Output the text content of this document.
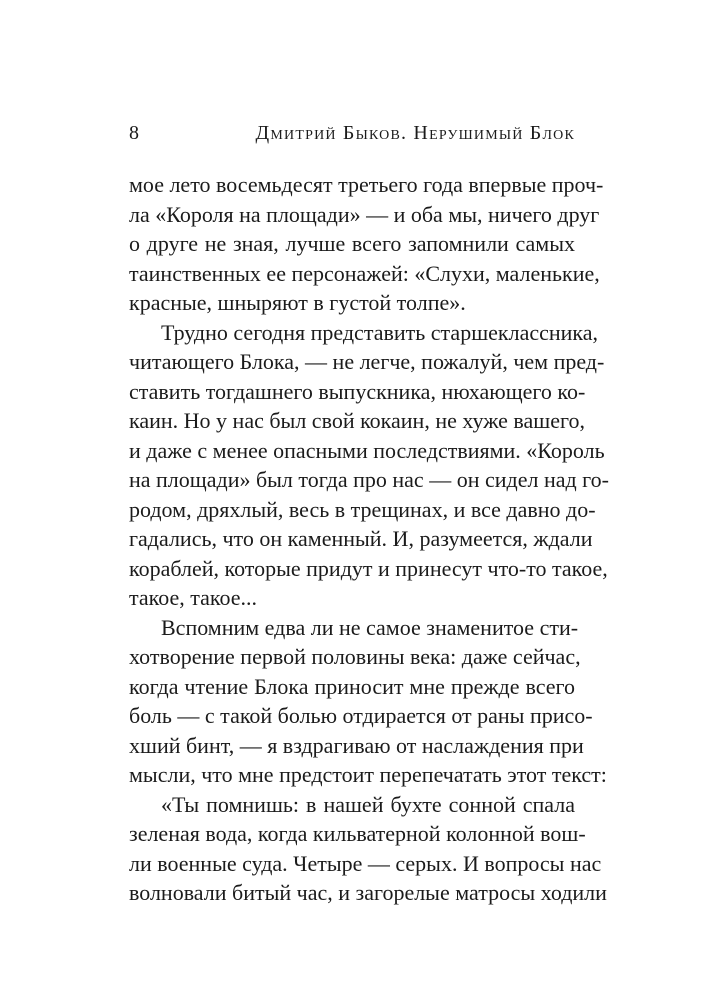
8	Дмитрий Быков. Нерушимый Блок
мое лето восемьдесят третьего года впервые проч-
ла «Короля на площади» — и оба мы, ничего друг
о друге не зная, лучше всего запомнили самых
таинственных ее персонажей: «Слухи, маленькие,
красные, шныряют в густой толпе».
Трудно сегодня представить старшеклассника,
читающего Блока, — не легче, пожалуй, чем пред-
ставить тогдашнего выпускника, нюхающего ко-
каин. Но у нас был свой кокаин, не хуже вашего,
и даже с менее опасными последствиями. «Король
на площади» был тогда про нас — он сидел над го-
родом, дряхлый, весь в трещинах, и все давно до-
гадались, что он каменный. И, разумеется, ждали
кораблей, которые придут и принесут что-то такое,
такое, такое...
Вспомним едва ли не самое знаменитое сти-
хотворение первой половины века: даже сейчас,
когда чтение Блока приносит мне прежде всего
боль — с такой болью отдирается от раны присо-
хший бинт, — я вздрагиваю от наслаждения при
мысли, что мне предстоит перепечатать этот текст:
«Ты помнишь: в нашей бухте сонной спала
зеленая вода, когда кильватерной колонной вош-
ли военные суда. Четыре — серых. И вопросы нас
волновали битый час, и загорелые матросы ходили
